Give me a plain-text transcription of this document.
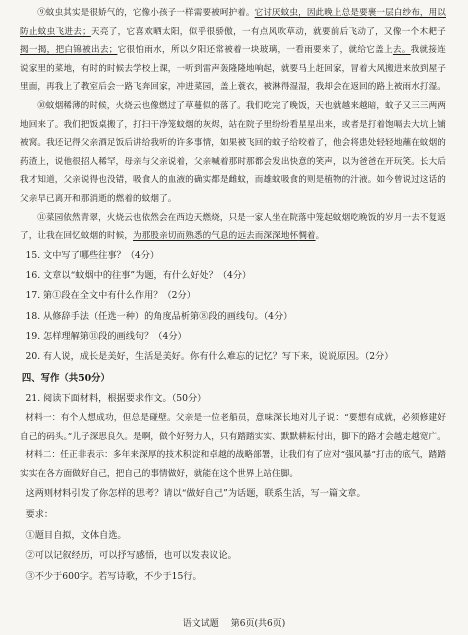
⑨蚊虫其实是很娇气的，它像小孩子一样需要被呵护着。它讨厌蚊虫，因此晚上总是要裹一层白纱布，用以防止蚊虫飞进去；天亮了，它喜欢晒太阳，似乎很骄傲，一有点风吹草动，就要前后飞动了，又像一个木耙子揭一揭，把白锦被出去；它很怕雨水，所以夕阳还常被着一块玻璃，一看雨要来了，就给它盖上去。我就接连说家里的菜地，有时的时候去学校上课，一听到雷声轰隆隆地响起，就要马上赶回家，冒着大风搬进来放到屋子里面，再我上了教室后会一路飞奔回家，冲进菜园，盖上蓑衣，被淋得湿湿，我却会在返回的路上被雨水打湿。

⑩蚊烟稀薄的时候，火烧云也像燃过了草蔓似的落了。我们吃完了晚饭，天也就越来越暗，蚊子又三三两两地回来了。我们把饭桌搬了，打扫干净笼蚊烟的灰烬，站在院子里纷纷看星星出来，或者是打着饱嗝去大坑上铺被窝。我还记得父亲酒足饭后讲给我听的许多事情，如果被飞回的蚊子给咬着了，他会将患处轻轻地蘸在蚊烟的药渣上，说他很招人稀罕，母亲与父亲说着，父亲喊着那时那都会发出快意的笑声，以为爸爸在开玩笑。长大后我才知道，父亲说得也没错，吸食人的血液的确实都是雌蚊，而雄蚊吸食的则是植物的汁液。如今曾说过这话的父亲早已离开和那消逝的燃着的蚊烟了。

⑪菜园依然青翠，火烧云也依然会在西边天燃烧，只是一家人坐在院落中笼起蚊烟吃晚饭的岁月一去不复返了，让我在回忆蚊烟的时候，为那股亲切而熟悉的气息的远去而深深地怀惆着。

15. 文中写了哪些往事？（4分）

16. 文章以“蚊烟中的往事”为题，有什么好处？（4分）

17. 第①段在全文中有什么作用？（2分）

18. 从修辞手法（任选一种）的角度品析第⑧段的画线句。（4分）

19. 怎样理解第⑪段的画线句？（4分）

20. 有人说，成长是美好，生活是美好。你有什么难忘的记忆？写下来，说说原因。（2分）

四、写作（共50分）

21. 阅读下面材料，根据要求作文。（50分）

材料一：有个人想成功，但总是碰壁。父亲是一位老船员，意味深长地对儿子说：“要想有成就，必须修建好自己的码头。”儿子深思良久。是啊，做个好努力人，只有踏踏实实、默默耕耘付出，脚下的路才会越走越宽广。

材料二：任正非表示：多年来深厚的技术积淀和卓越的战略部署，让我们有了应对“强风暴”打击的底气，踏踏实实在各方面做好自己，把自己的事情做好，就能在这个世界上站住脚。

这两则材料引发了你怎样的思考？请以“做好自己”为话题，联系生活，写一篇文章。

要求：

①题目自拟，文体自选。

②可以记叙经历，可以抒写感悟，也可以发表议论。

③不少于600字。若写诗歌，不少于15行。

语文试题 第6页(共6页)
